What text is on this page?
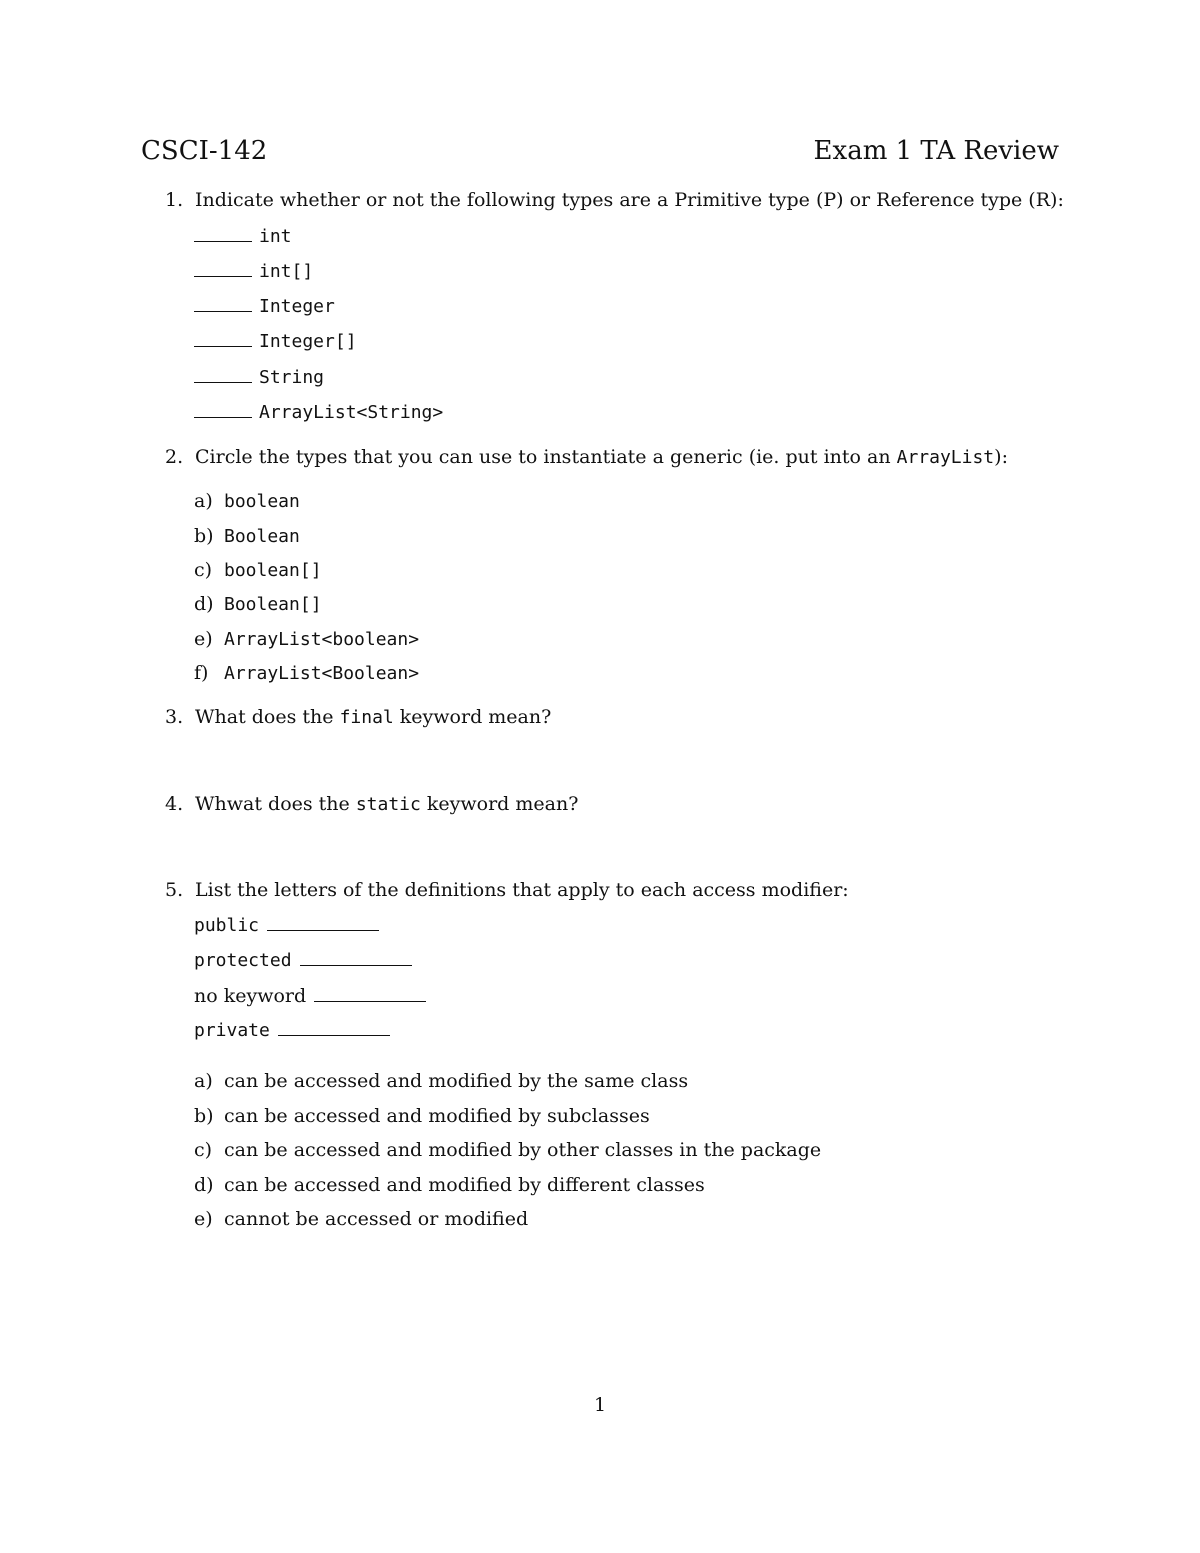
CSCI-142	Exam 1 TA Review
1. Indicate whether or not the following types are a Primitive type (P) or Reference type (R):
int
int[]
Integer
Integer[]
String
ArrayList<String>
2. Circle the types that you can use to instantiate a generic (ie. put into an ArrayList):
a) boolean
b) Boolean
c) boolean[]
d) Boolean[]
e) ArrayList<boolean>
f) ArrayList<Boolean>
3. What does the final keyword mean?
4. Whwat does the static keyword mean?
5. List the letters of the definitions that apply to each access modifier:
public
protected
no keyword
private
a) can be accessed and modified by the same class
b) can be accessed and modified by subclasses
c) can be accessed and modified by other classes in the package
d) can be accessed and modified by different classes
e) cannot be accessed or modified
1
